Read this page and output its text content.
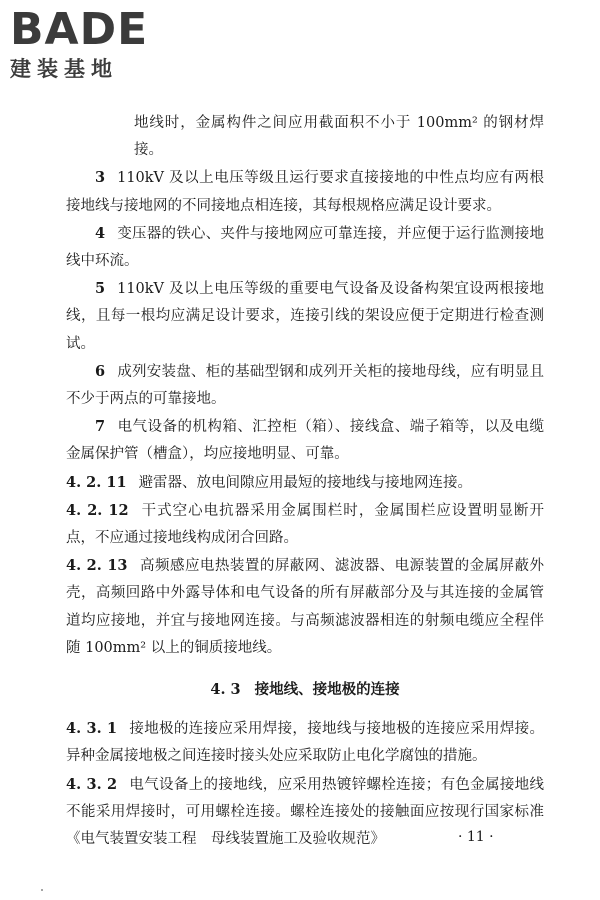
BADE
建装基地

地线时，金属构件之间应用截面积不小于 100mm² 的钢材焊接。

3 110kV 及以上电压等级且运行要求直接接地的中性点均应有两根接地线与接地网的不同接地点相连接，其每根规格应满足设计要求。

4 变压器的铁心、夹件与接地网应可靠连接，并应便于运行监测接地线中环流。

5 110kV 及以上电压等级的重要电气设备及设备构架宜设两根接地线，且每一根均应满足设计要求，连接引线的架设应便于定期进行检查测试。

6 成列安装盘、柜的基础型钢和成列开关柜的接地母线，应有明显且不少于两点的可靠接地。

7 电气设备的机构箱、汇控柜（箱）、接线盒、端子箱等，以及电缆金属保护管（槽盒），均应接地明显、可靠。

4. 2. 11 避雷器、放电间隙应用最短的接地线与接地网连接。

4. 2. 12 干式空心电抗器采用金属围栏时，金属围栏应设置明显断开点，不应通过接地线构成闭合回路。

4. 2. 13 高频感应电热装置的屏蔽网、滤波器、电源装置的金属屏蔽外壳，高频回路中外露导体和电气设备的所有屏蔽部分及与其连接的金属管道均应接地，并宜与接地网连接。与高频滤波器相连的射频电缆应全程伴随 100mm² 以上的铜质接地线。

4. 3 接地线、接地极的连接

4. 3. 1 接地极的连接应采用焊接，接地线与接地极的连接应采用焊接。异种金属接地极之间连接时接头处应采取防止电化学腐蚀的措施。

4. 3. 2 电气设备上的接地线，应采用热镀锌螺栓连接；有色金属接地线不能采用焊接时，可用螺栓连接。螺栓连接处的接触面应按现行国家标准《电气装置安装工程　母线装置施工及验收规范》	· 11 ·
